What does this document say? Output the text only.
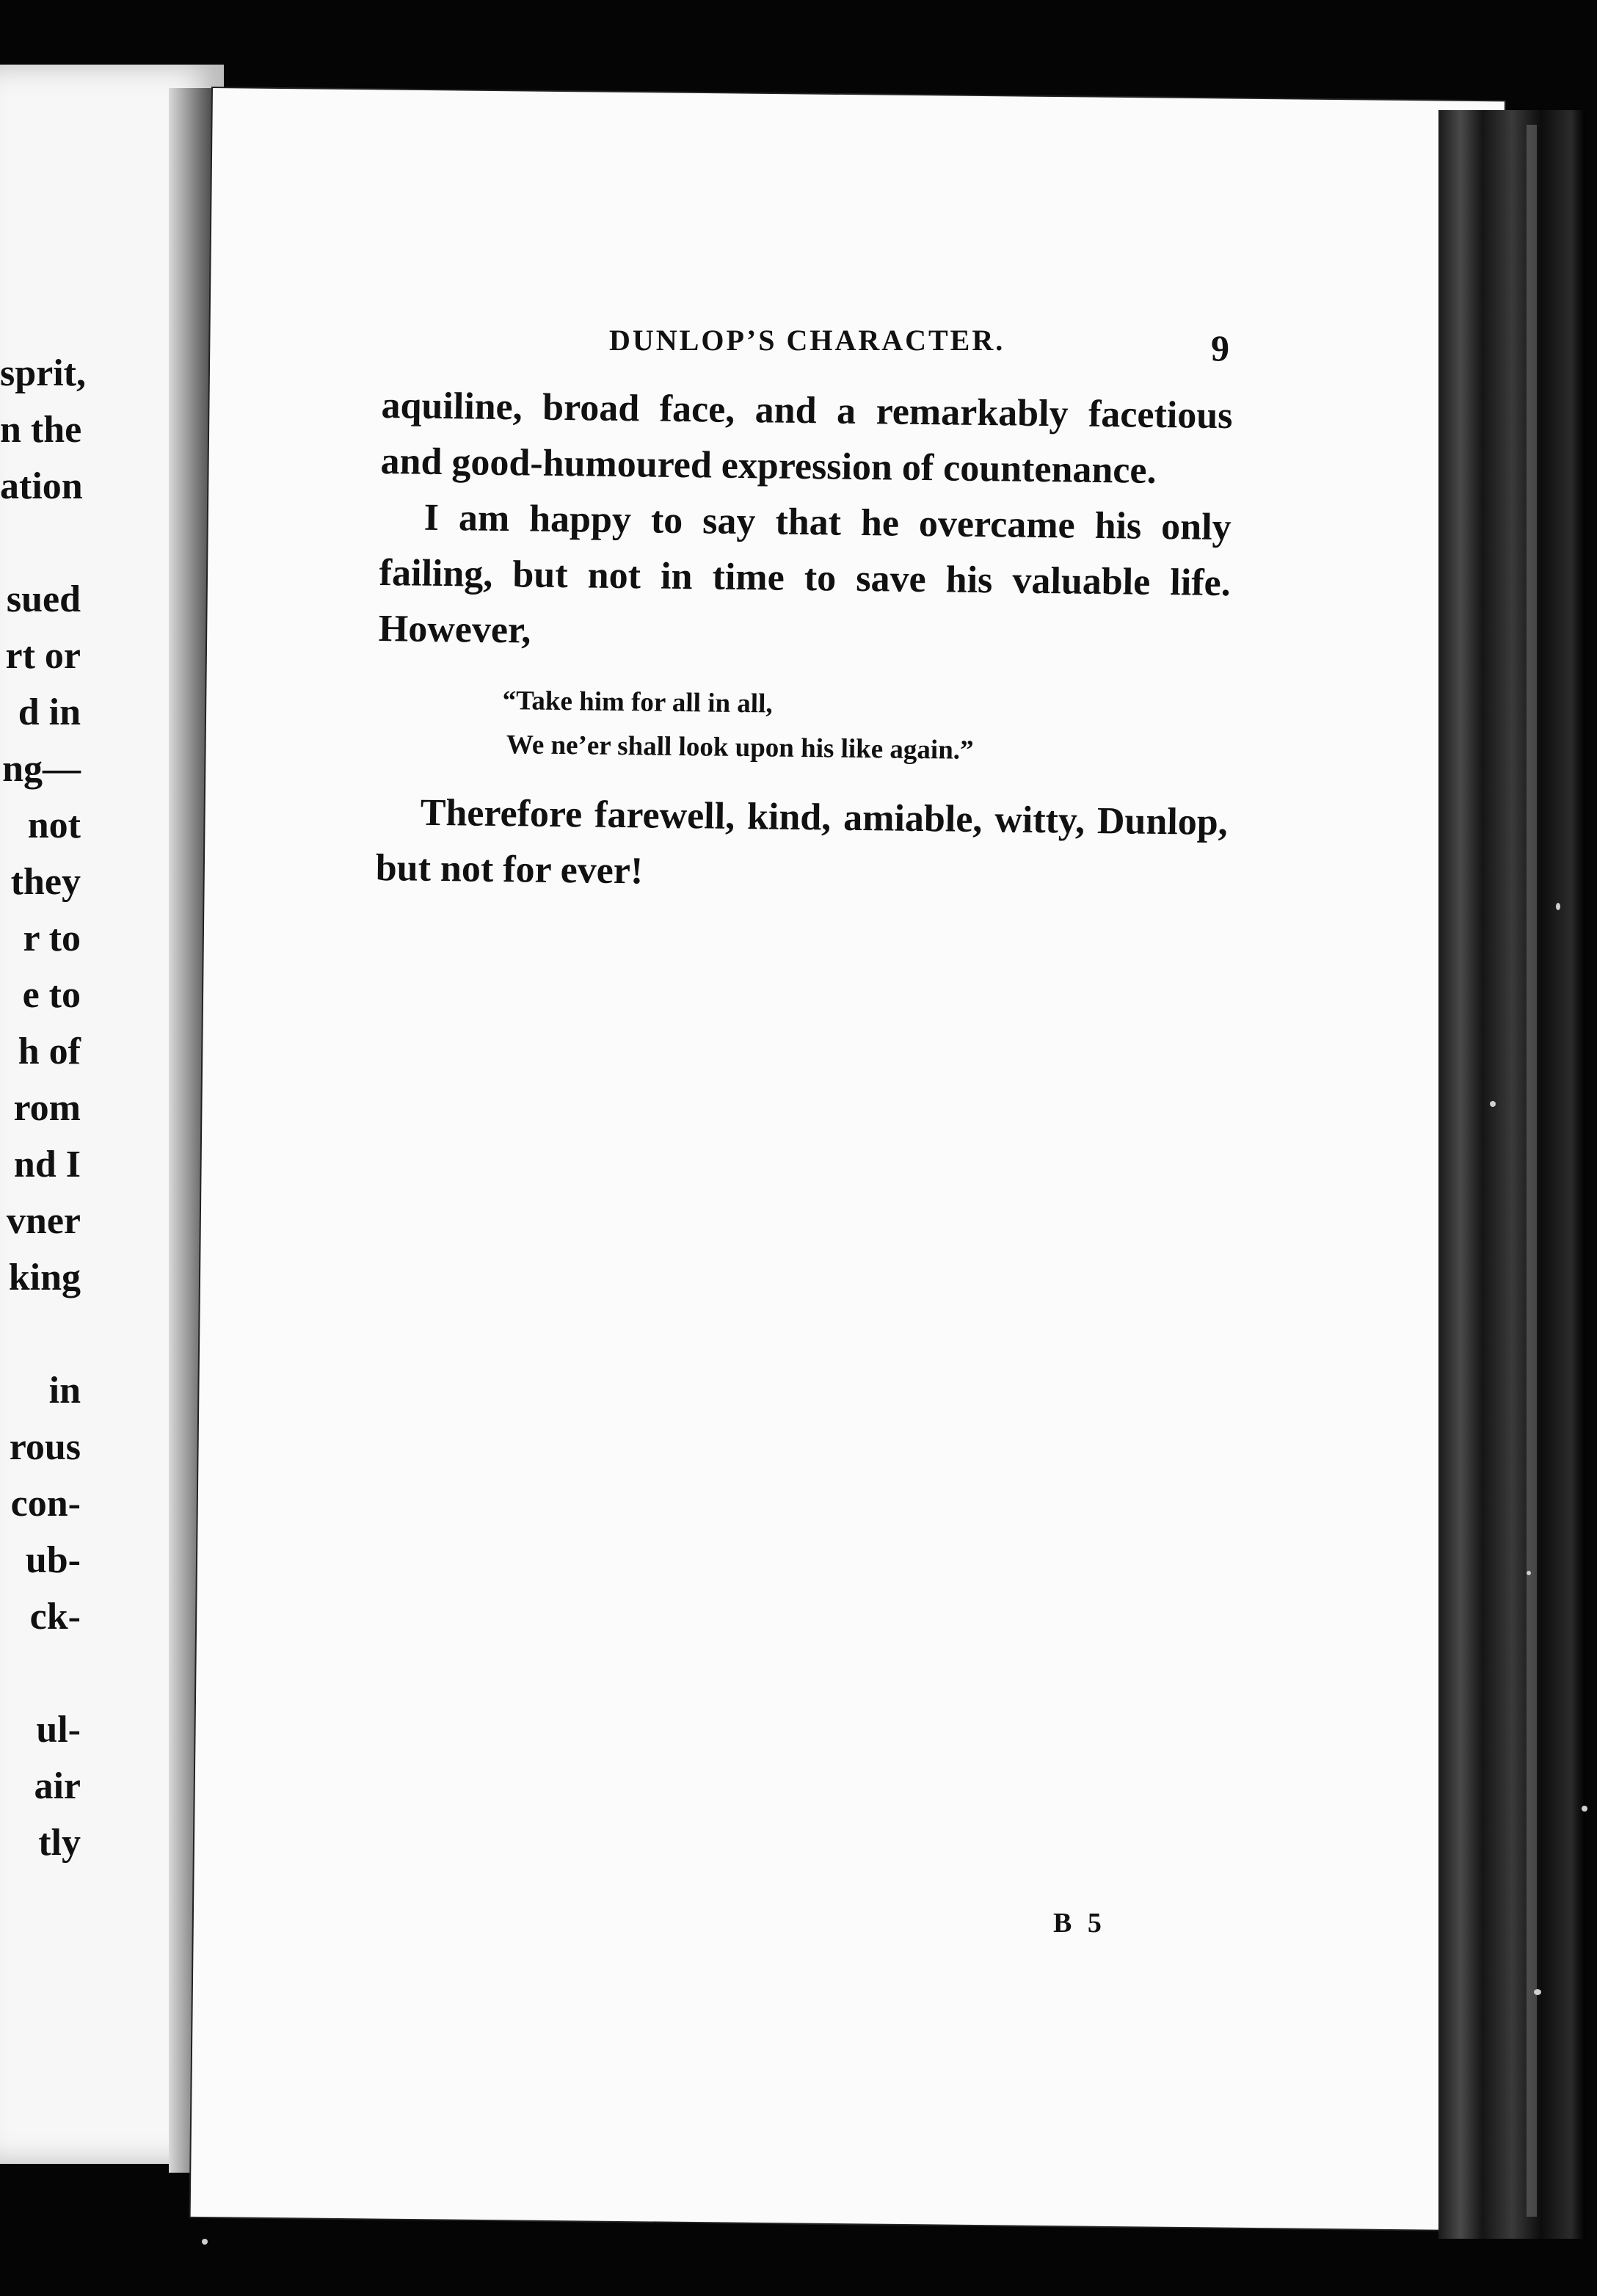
sprit,
n the
ation
sued
rt or
d in
ng—
not
they
r to
e to
h of
rom
nd I
vner
king
in
rous
con-
ub-
ck-
ul-
air
tly
DUNLOP’S CHARACTER.	9

aquiline, broad face, and a remarkably facetious and good-humoured expression of countenance.

I am happy to say that he overcame his only failing, but not in time to save his valuable life. However,

“Take him for all in all,
We ne’er shall look upon his like again.”

Therefore farewell, kind, amiable, witty, Dunlop, but not for ever!

B 5
